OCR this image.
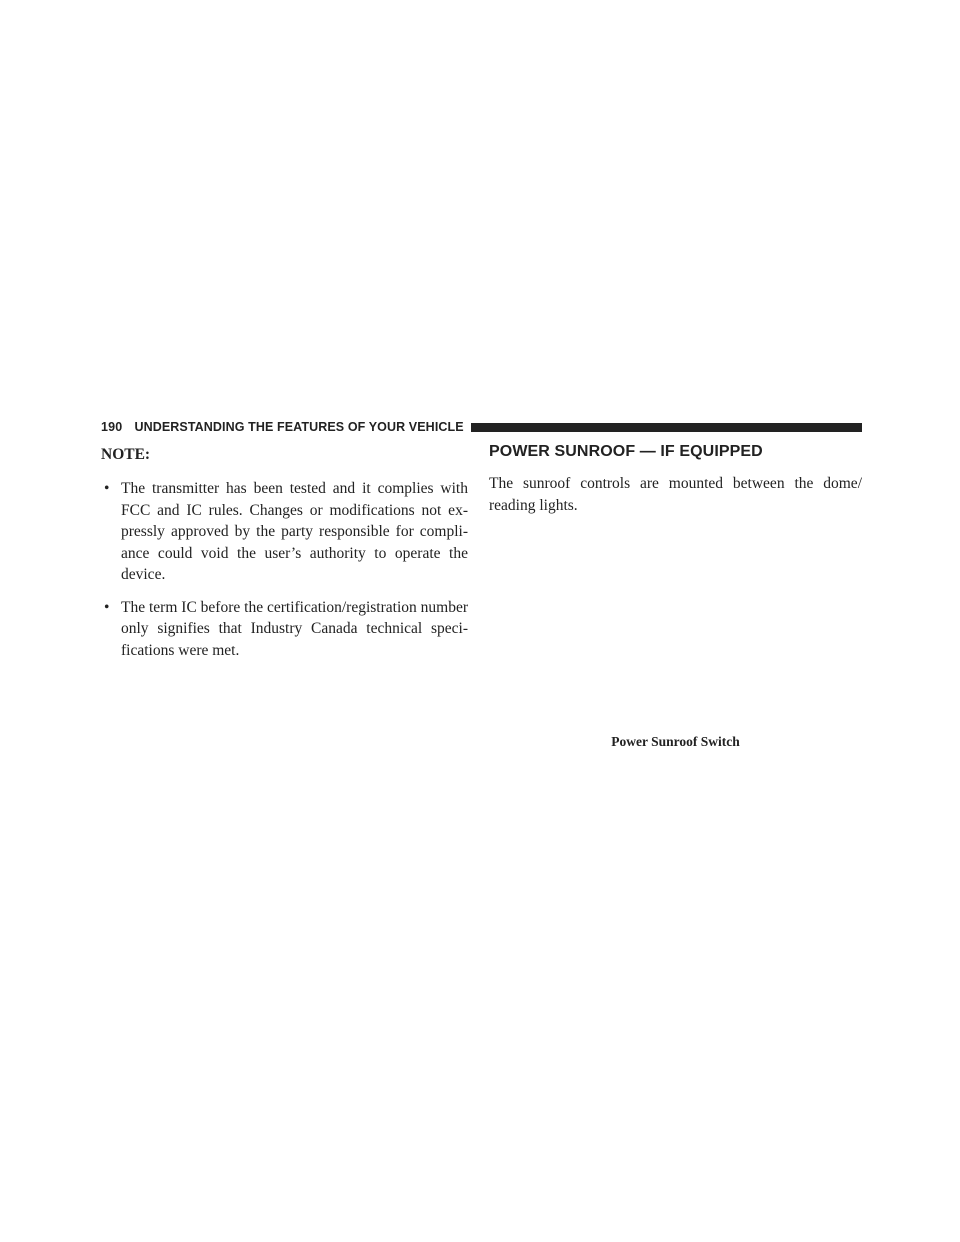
190 UNDERSTANDING THE FEATURES OF YOUR VEHICLE

NOTE:

• The transmitter has been tested and it complies with FCC and IC rules. Changes or modifications not expressly approved by the party responsible for compliance could void the user’s authority to operate the device.
• The term IC before the certification/registration number only signifies that Industry Canada technical specifications were met.
POWER SUNROOF — IF EQUIPPED

The sunroof controls are mounted between the dome/ reading lights.

Power Sunroof Switch
